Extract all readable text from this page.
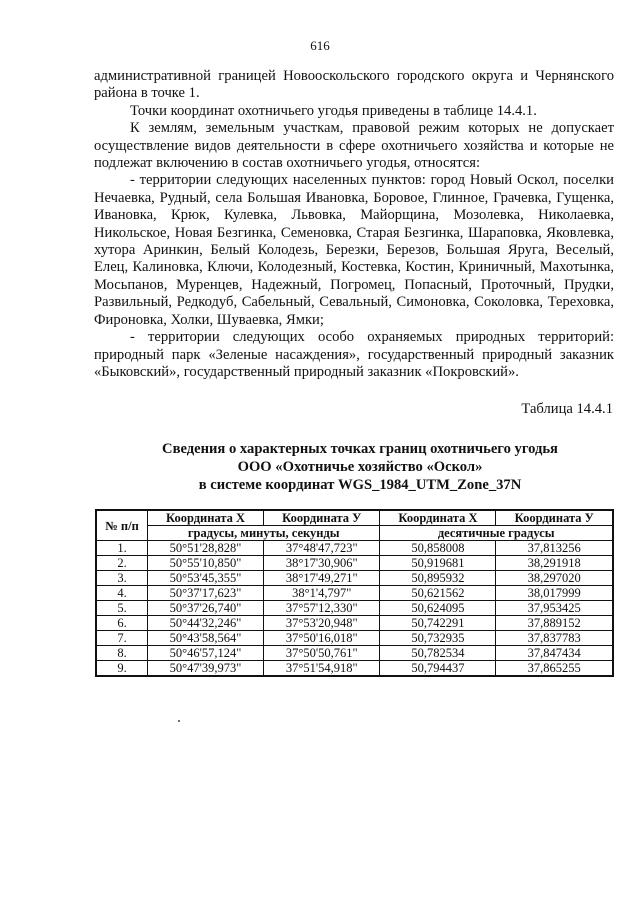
616

административной границей Новооскольского городского округа и Чернянского района в точке 1.

Точки координат охотничьего угодья приведены в таблице 14.4.1.

К землям, земельным участкам, правовой режим которых не допускает осуществление видов деятельности в сфере охотничьего хозяйства и которые не подлежат включению в состав охотничьего угодья, относятся:

- территории следующих населенных пунктов: город Новый Оскол, поселки Нечаевка, Рудный, села Большая Ивановка, Боровое, Глинное, Грачевка, Гущенка, Ивановка, Крюк, Кулевка, Львовка, Майорщина, Мозолевка, Николаевка, Никольское, Новая Безгинка, Семеновка, Старая Безгинка, Шараповка, Яковлевка, хутора Аринкин, Белый Колодезь, Березки, Березов, Большая Яруга, Веселый, Елец, Калиновка, Ключи, Колодезный, Костевка, Костин, Криничный, Махотынка, Мосьпанов, Муренцев, Надежный, Погромец, Попасный, Проточный, Прудки, Развильный, Редкодуб, Сабельный, Севальный, Симоновка, Соколовка, Тереховка, Фироновка, Холки, Шуваевка, Ямки;

- территории следующих особо охраняемых природных территорий: природный парк «Зеленые насаждения», государственный природный заказник «Быковский», государственный природный заказник «Покровский».

Таблица 14.4.1
Сведения о характерных точках границ охотничьего угодья
ООО «Охотничье хозяйство «Оскол»
в системе координат WGS_1984_UTM_Zone_37N
№ п/п	Координата X	Координата У	Координата X	Координата У
	градусы, минуты, секунды		десятичные градусы	
1.	50°51'28,828"	37°48'47,723"	50,858008	37,813256
2.	50°55'10,850"	38°17'30,906"	50,919681	38,291918
3.	50°53'45,355"	38°17'49,271"	50,895932	38,297020
4.	50°37'17,623"	38°1'4,797"	50,621562	38,017999
5.	50°37'26,740"	37°57'12,330"	50,624095	37,953425
6.	50°44'32,246"	37°53'20,948"	50,742291	37,889152
7.	50°43'58,564"	37°50'16,018"	50,732935	37,837783
8.	50°46'57,124"	37°50'50,761"	50,782534	37,847434
9.	50°47'39,973"	37°51'54,918"	50,794437	37,865255
